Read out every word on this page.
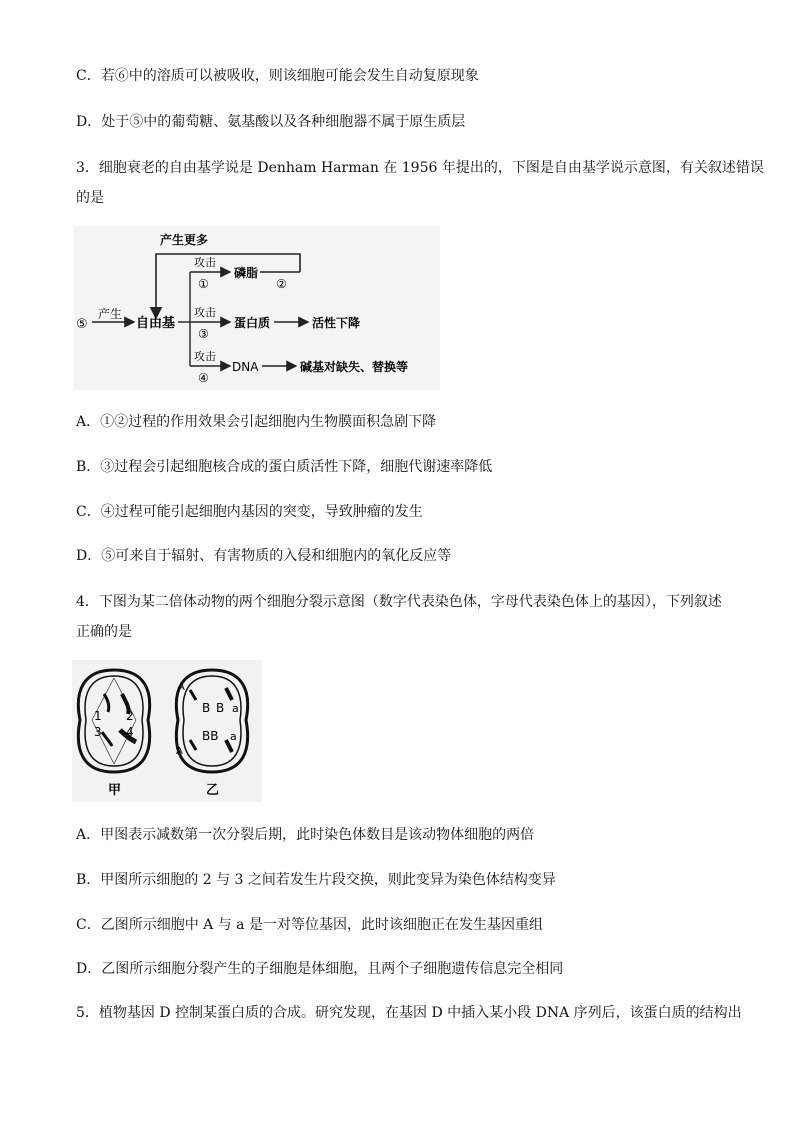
C．若⑥中的溶质可以被吸收，则该细胞可能会发生自动复原现象
D．处于⑤中的葡萄糖、氨基酸以及各种细胞器不属于原生质层
3．细胞衰老的自由基学说是 Denham Harman 在 1956 年提出的，下图是自由基学说示意图，有关叙述错误
的是
产生更多
⑤
产生
自由基
攻击
①
磷脂
②
攻击
③
蛋白质	活性下降
攻击
④
DNA	碱基对缺失、替换等
A．①②过程的作用效果会引起细胞内生物膜面积急剧下降
B．③过程会引起细胞核合成的蛋白质活性下降，细胞代谢速率降低
C．④过程可能引起细胞内基因的突变，导致肿瘤的发生
D．⑤可来自于辐射、有害物质的入侵和细胞内的氧化反应等
4．下图为某二倍体动物的两个细胞分裂示意图（数字代表染色体，字母代表染色体上的基因），下列叙述
正确的是
1 2
3 4
A
B B a
BB a
A
甲	乙
A．甲图表示减数第一次分裂后期，此时染色体数目是该动物体细胞的两倍
B．甲图所示细胞的 2 与 3 之间若发生片段交换，则此变异为染色体结构变异
C．乙图所示细胞中 A 与 a 是一对等位基因，此时该细胞正在发生基因重组
D．乙图所示细胞分裂产生的子细胞是体细胞，且两个子细胞遗传信息完全相同
5．植物基因 D 控制某蛋白质的合成。研究发现，在基因 D 中插入某小段 DNA 序列后，该蛋白质的结构出
